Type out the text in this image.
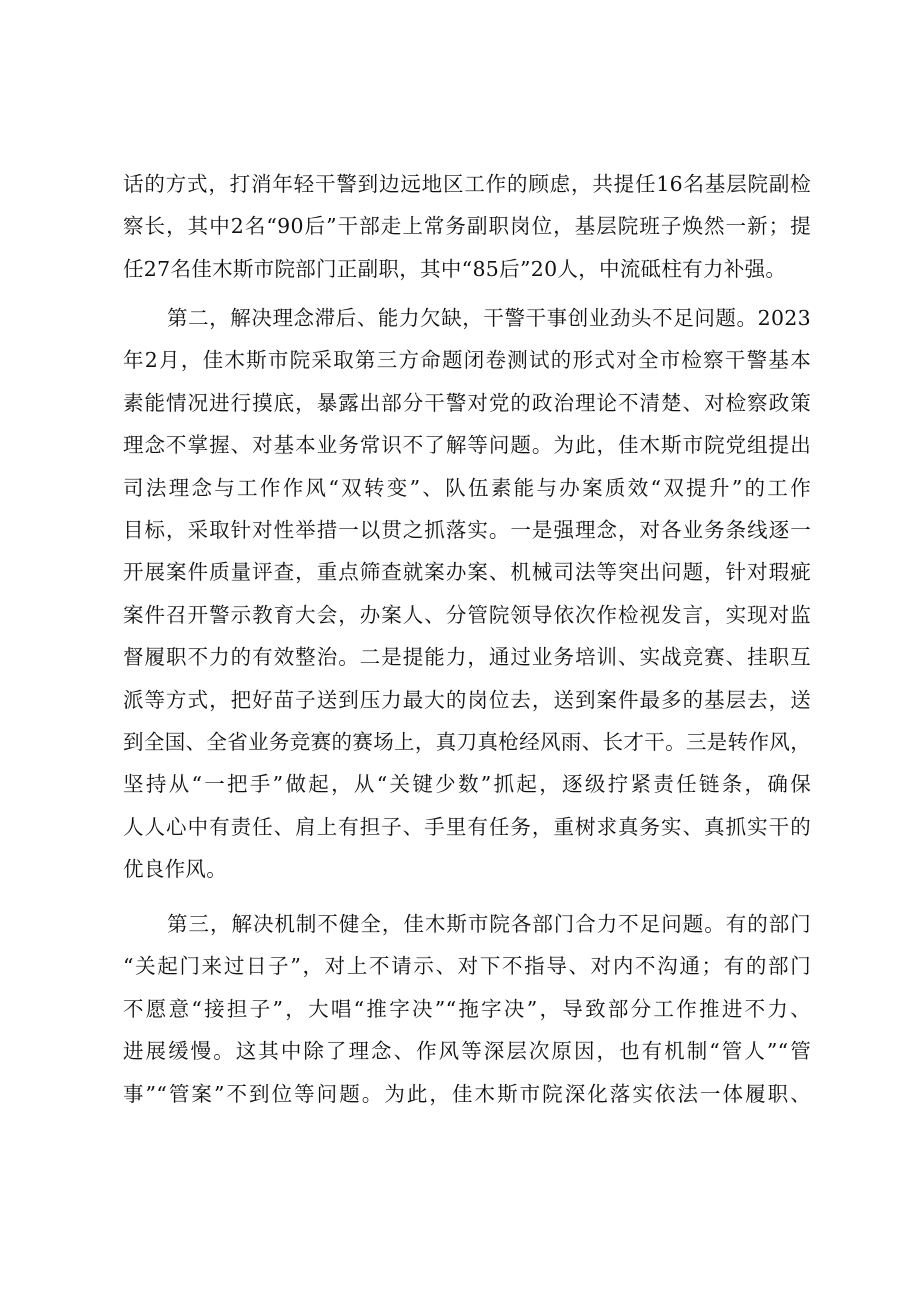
话的方式，打消年轻干警到边远地区工作的顾虑，共提任16名基层院副检
察长，其中2名“90后”干部走上常务副职岗位，基层院班子焕然一新；提
任27名佳木斯市院部门正副职，其中“85后”20人，中流砥柱有力补强。
第二，解决理念滞后、能力欠缺，干警干事创业劲头不足问题。2023
年2月，佳木斯市院采取第三方命题闭卷测试的形式对全市检察干警基本
素能情况进行摸底，暴露出部分干警对党的政治理论不清楚、对检察政策
理念不掌握、对基本业务常识不了解等问题。为此，佳木斯市院党组提出
司法理念与工作作风“双转变”、队伍素能与办案质效“双提升”的工作
目标，采取针对性举措一以贯之抓落实。一是强理念，对各业务条线逐一
开展案件质量评查，重点筛查就案办案、机械司法等突出问题，针对瑕疵
案件召开警示教育大会，办案人、分管院领导依次作检视发言，实现对监
督履职不力的有效整治。二是提能力，通过业务培训、实战竞赛、挂职互
派等方式，把好苗子送到压力最大的岗位去，送到案件最多的基层去，送
到全国、全省业务竞赛的赛场上，真刀真枪经风雨、长才干。三是转作风，
坚持从“一把手”做起，从“关键少数”抓起，逐级拧紧责任链条，确保
人人心中有责任、肩上有担子、手里有任务，重树求真务实、真抓实干的
优良作风。
第三，解决机制不健全，佳木斯市院各部门合力不足问题。有的部门
“关起门来过日子”，对上不请示、对下不指导、对内不沟通；有的部门
不愿意“接担子”，大唱“推字决”“拖字决”，导致部分工作推进不力、
进展缓慢。这其中除了理念、作风等深层次原因，也有机制“管人”“管
事”“管案”不到位等问题。为此，佳木斯市院深化落实依法一体履职、
